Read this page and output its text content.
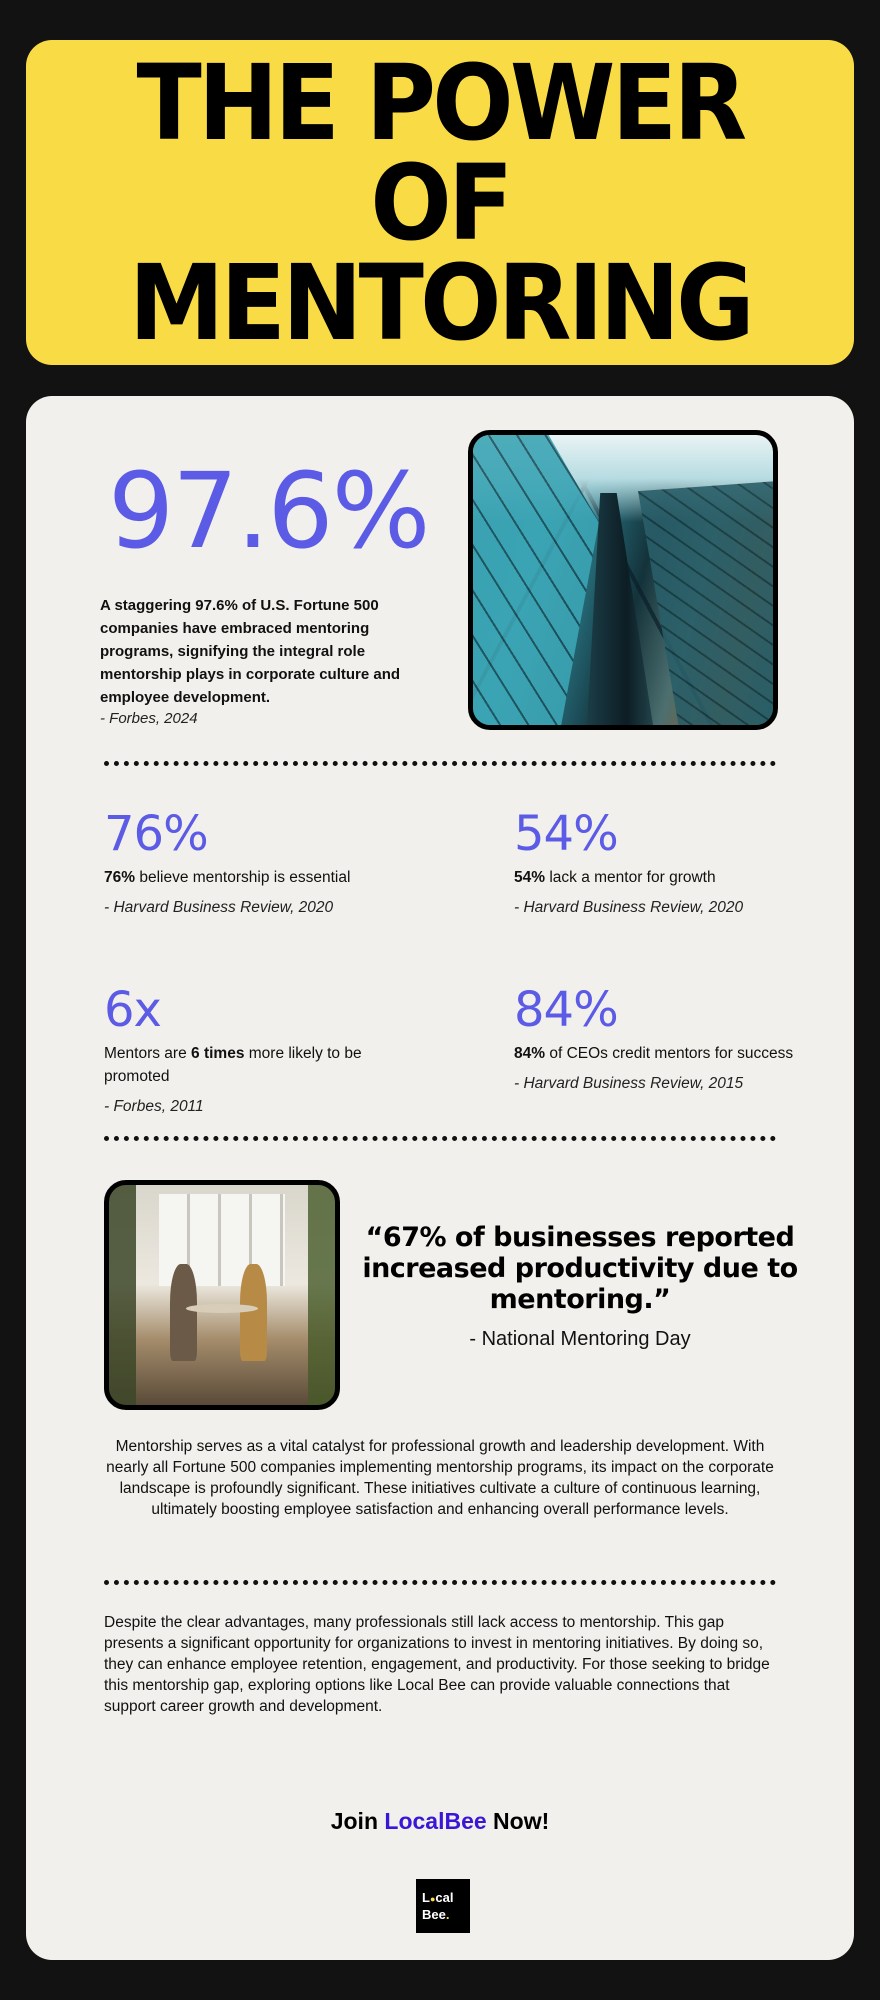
THE POWER OF
MENTORING
97.6%
A staggering 97.6% of U.S. Fortune 500 companies have embraced mentoring programs, signifying the integral role mentorship plays in corporate culture and employee development.
- Forbes, 2024
76%
76% believe mentorship is essential
- Harvard Business Review, 2020
54%
54% lack a mentor for growth
- Harvard Business Review, 2020
6x
Mentors are 6 times more likely to be promoted
- Forbes, 2011
84%
84% of CEOs credit mentors for success
- Harvard Business Review, 2015
“67% of businesses reported increased productivity due to mentoring.”
- National Mentoring Day
Mentorship serves as a vital catalyst for professional growth and leadership development. With nearly all Fortune 500 companies implementing mentorship programs, its impact on the corporate landscape is profoundly significant. These initiatives cultivate a culture of continuous learning, ultimately boosting employee satisfaction and enhancing overall performance levels.
Despite the clear advantages, many professionals still lack access to mentorship. This gap presents a significant opportunity for organizations to invest in mentoring initiatives. By doing so, they can enhance employee retention, engagement, and productivity. For those seeking to bridge this mentorship gap, exploring options like Local Bee can provide valuable connections that support career growth and development.
Join LocalBee Now!
L●cal
Bee.
